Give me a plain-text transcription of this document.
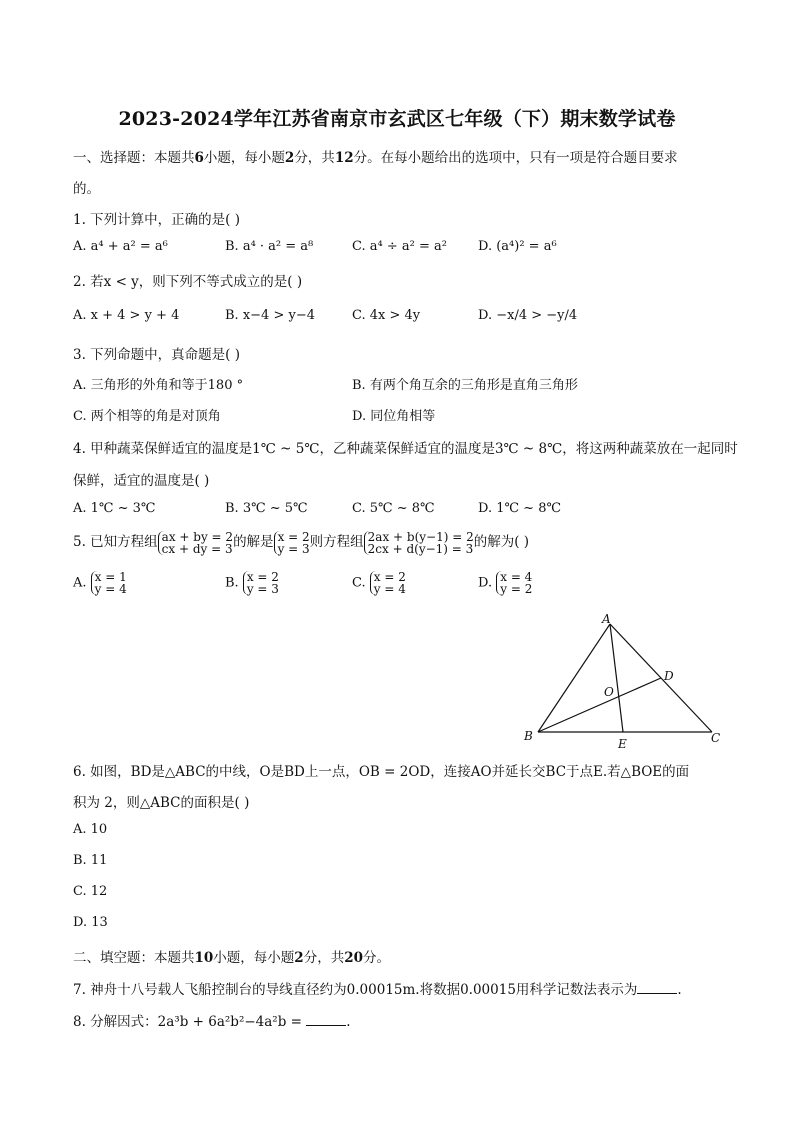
2023-2024学年江苏省南京市玄武区七年级（下）期末数学试卷
一、选择题：本题共6小题，每小题2分，共12分。在每小题给出的选项中，只有一项是符合题目要求
的。
1. 下列计算中，正确的是( )
A. a⁴ + a² = a⁶	B. a⁴ · a² = a⁸	C. a⁴ ÷ a² = a² D. (a⁴)² = a⁶
2. 若x < y，则下列不等式成立的是( )
A. x + 4 > y + 4	B. x−4 > y−4	C. 4x > 4y	D. −x/4 > −y/4
3. 下列命题中，真命题是( )
A. 三角形的外角和等于180 °	B. 有两个角互余的三角形是直角三角形
C. 两个相等的角是对顶角	D. 同位角相等
4. 甲种蔬菜保鲜适宜的温度是1℃ ~ 5℃，乙种蔬菜保鲜适宜的温度是3℃ ~ 8℃，将这两种蔬菜放在一起同时
保鲜，适宜的温度是( )
A. 1℃ ~ 3℃	B. 3℃ ~ 5℃	C. 5℃ ~ 8℃	D. 1℃ ~ 8℃
5. 已知方程组 ax + by = 2
cx + dy = 3 的解是 x = 2
y = 3 则方程组 2ax + b(y−1) = 2
2cx + d(y−1) = 3 的解为( )
A. x = 1
y = 4	B. x = 2
y = 3	C. x = 2
y = 4	D. x = 4
y = 2
A
B	C
D
E
O
6. 如图，BD是△ABC的中线，O是BD上一点，OB = 2OD，连接AO并延长交BC于点E.若△BOE的面
积为 2，则△ABC的面积是( )
A. 10
B. 11
C. 12
D. 13
二、填空题：本题共10小题，每小题2分，共20分。
7. 神舟十八号载人飞船控制台的导线直径约为0.00015m.将数据0.00015用科学记数法表示为	.
8. 分解因式：2a³b + 6a²b²−4a²b =	.
